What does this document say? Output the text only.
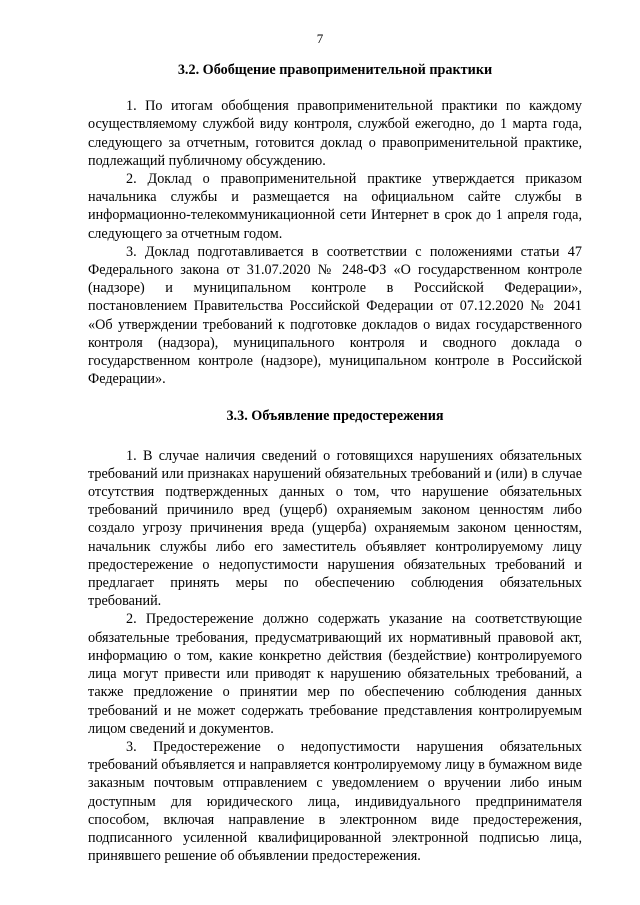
7
3.2. Обобщение правоприменительной практики

1. По итогам обобщения правоприменительной практики по каждому осуществляемому службой виду контроля, службой ежегодно, до 1 марта года, следующего за отчетным, готовится доклад о правоприменительной практике, подлежащий публичному обсуждению.

2. Доклад о правоприменительной практике утверждается приказом начальника службы и размещается на официальном сайте службы в информационно-телекоммуникационной сети Интернет в срок до 1 апреля года, следующего за отчетным годом.

3. Доклад подготавливается в соответствии с положениями статьи 47 Федерального закона от 31.07.2020 № 248-ФЗ «О государственном контроле (надзоре) и муниципальном контроле в Российской Федерации», постановлением Правительства Российской Федерации от 07.12.2020 № 2041 «Об утверждении требований к подготовке докладов о видах государственного контроля (надзора), муниципального контроля и сводного доклада о государственном контроле (надзоре), муниципальном контроле в Российской Федерации».

3.3. Объявление предостережения

1. В случае наличия сведений о готовящихся нарушениях обязательных требований или признаках нарушений обязательных требований и (или) в случае отсутствия подтвержденных данных о том, что нарушение обязательных требований причинило вред (ущерб) охраняемым законом ценностям либо создало угрозу причинения вреда (ущерба) охраняемым законом ценностям, начальник службы либо его заместитель объявляет контролируемому лицу предостережение о недопустимости нарушения обязательных требований и предлагает принять меры по обеспечению соблюдения обязательных требований.

2. Предостережение должно содержать указание на соответствующие обязательные требования, предусматривающий их нормативный правовой акт, информацию о том, какие конкретно действия (бездействие) контролируемого лица могут привести или приводят к нарушению обязательных требований, а также предложение о принятии мер по обеспечению соблюдения данных требований и не может содержать требование представления контролируемым лицом сведений и документов.

3. Предостережение о недопустимости нарушения обязательных требований объявляется и направляется контролируемому лицу в бумажном виде заказным почтовым отправлением с уведомлением о вручении либо иным доступным для юридического лица, индивидуального предпринимателя способом, включая направление в электронном виде предостережения, подписанного усиленной квалифицированной электронной подписью лица, принявшего решение об объявлении предостережения.
